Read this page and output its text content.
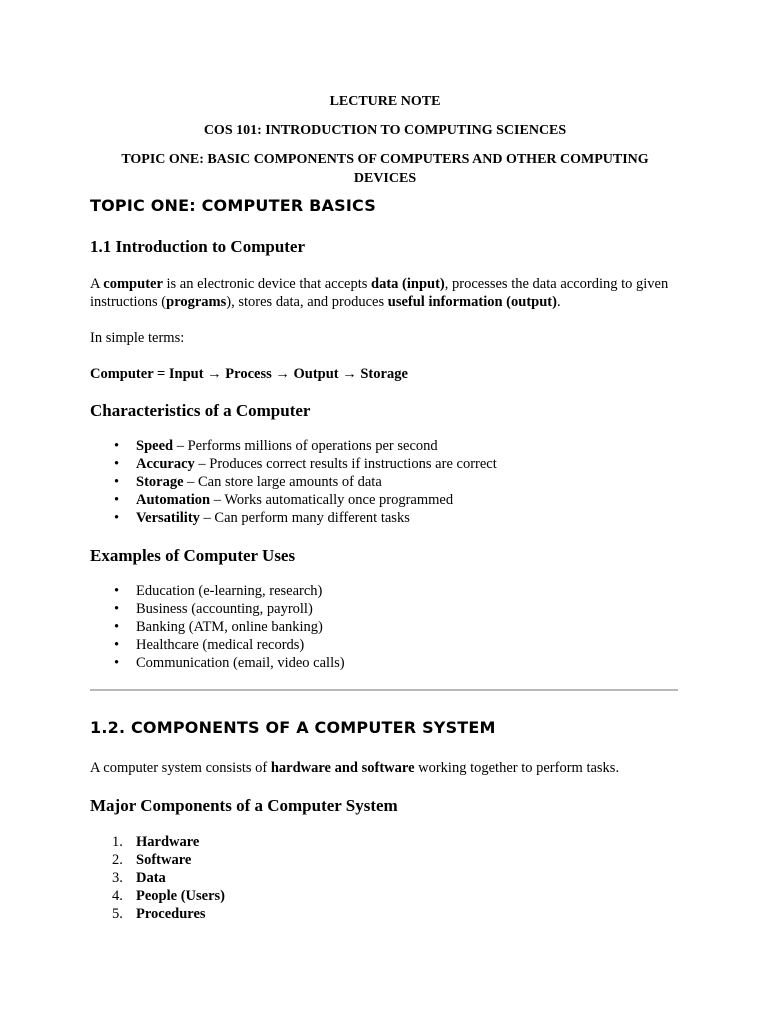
LECTURE NOTE
COS 101: INTRODUCTION TO COMPUTING SCIENCES
TOPIC ONE: BASIC COMPONENTS OF COMPUTERS AND OTHER COMPUTING DEVICES
TOPIC ONE: COMPUTER BASICS
1.1 Introduction to Computer

A computer is an electronic device that accepts data (input), processes the data according to given instructions (programs), stores data, and produces useful information (output).

In simple terms:

Computer = Input → Process → Output → Storage

Characteristics of a Computer
• Speed – Performs millions of operations per second
• Accuracy – Produces correct results if instructions are correct
• Storage – Can store large amounts of data
• Automation – Works automatically once programmed
• Versatility – Can perform many different tasks
Examples of Computer Uses
• Education (e-learning, research)
• Business (accounting, payroll)
• Banking (ATM, online banking)
• Healthcare (medical records)
• Communication (email, video calls)
1.2. COMPONENTS OF A COMPUTER SYSTEM

A computer system consists of hardware and software working together to perform tasks.

Major Components of a Computer System
1. Hardware
2. Software
3. Data
4. People (Users)
5. Procedures
